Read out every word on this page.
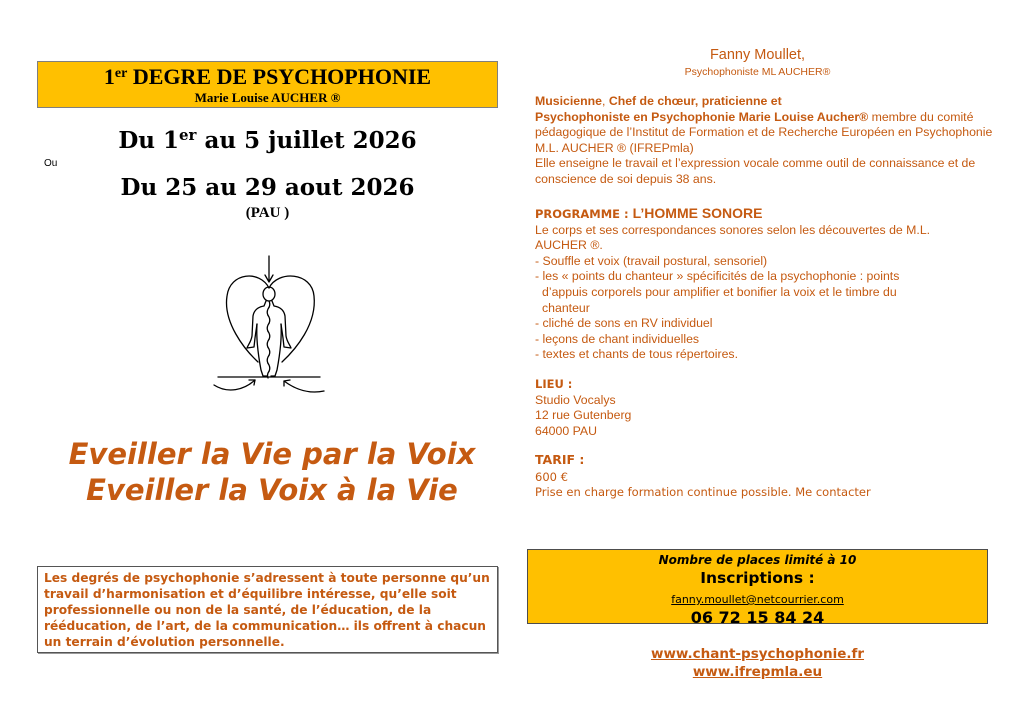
1er DEGRE DE PSYCHOPHONIE
Marie Louise AUCHER ®
Du 1er au 5 juillet 2026
Ou
Du 25 au 29 aout 2026
(PAU )
Eveiller la Vie par la Voix
Eveiller la Voix à la Vie
Les degrés de psychophonie s’adressent à toute personne qu’un travail d’harmonisation et d’équilibre intéresse, qu’elle soit professionnelle ou non de la santé, de l’éducation, de la rééducation, de l’art, de la communication… ils offrent à chacun un terrain d’évolution personnelle.
Fanny Moullet,
Psychophoniste ML AUCHER®
Musicienne, Chef de chœur, praticienne et
Psychophoniste en Psychophonie Marie Louise Aucher® membre du comité pédagogique de l’Institut de Formation et de Recherche Européen en Psychophonie M.L. AUCHER ® (IFREPmla)
Elle enseigne le travail et l’expression vocale comme outil de connaissance et de conscience de soi depuis 38 ans.
PROGRAMME : L’HOMME SONORE
Le corps et ses correspondances sonores selon les découvertes de M.L. AUCHER ®.
- Souffle et voix (travail postural, sensoriel)
- les « points du chanteur » spécificités de la psychophonie : points
d’appuis corporels pour amplifier et bonifier la voix et le timbre du
chanteur
- cliché de sons en RV individuel
- leçons de chant individuelles
- textes et chants de tous répertoires.
LIEU :
Studio Vocalys
12 rue Gutenberg
64000 PAU
TARIF :
600 €
Prise en charge formation continue possible. Me contacter
Nombre de places limité à 10
Inscriptions :
fanny.moullet@netcourrier.com
06 72 15 84 24
www.chant-psychophonie.fr
www.ifrepmla.eu
